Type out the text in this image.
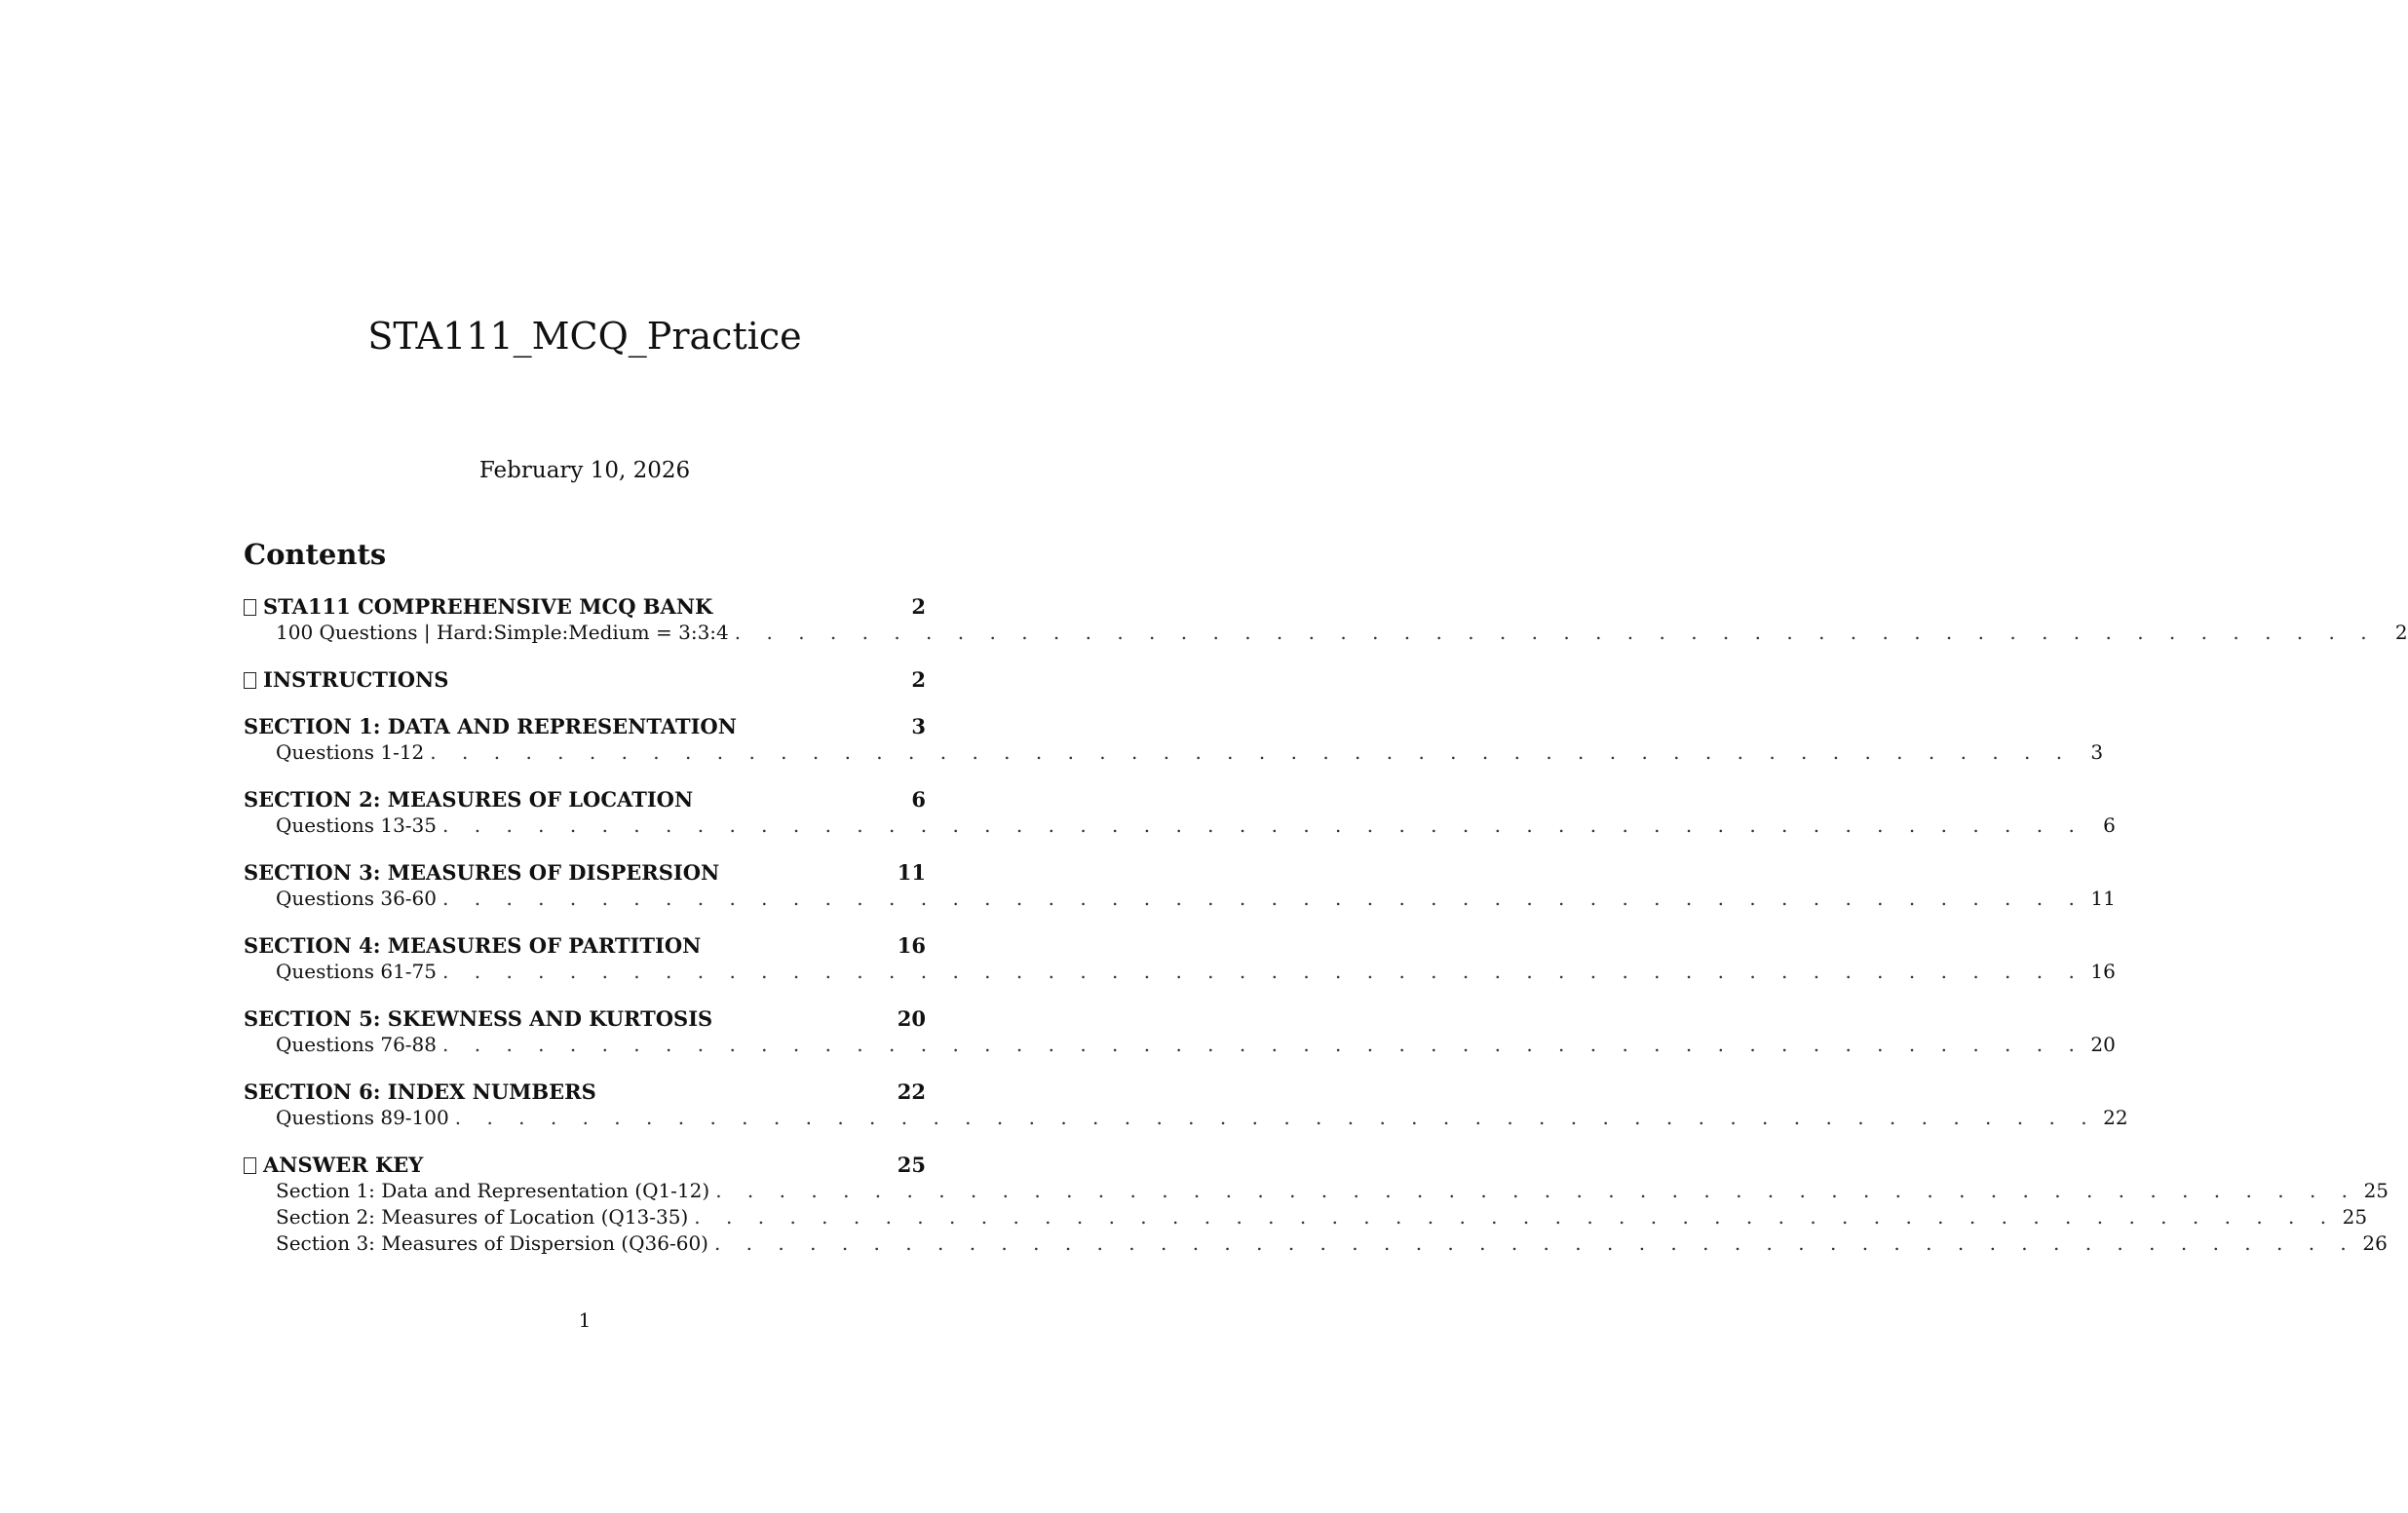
STA111_MCQ_Practice
February 10, 2026
Contents
STA111 COMPREHENSIVE MCQ BANK	2
100 Questions | Hard:Simple:Medium = 3:3:4 . . . . . . . . . . . . . . . . . . . . . . . . . . . . . . . . . . . . . . . . . . . . . . . . . . . . 2
INSTRUCTIONS	2
SECTION 1: DATA AND REPRESENTATION	3
Questions 1-12 . . . . . . . . . . . . . . . . . . . . . . . . . . . . . . . . . . . . . . . . . . . . . . . . . . . . 3
SECTION 2: MEASURES OF LOCATION	6
Questions 13-35 . . . . . . . . . . . . . . . . . . . . . . . . . . . . . . . . . . . . . . . . . . . . . . . . . . . . 6
SECTION 3: MEASURES OF DISPERSION	11
Questions 36-60 . . . . . . . . . . . . . . . . . . . . . . . . . . . . . . . . . . . . . . . . . . . . . . . . . . . . 11
SECTION 4: MEASURES OF PARTITION	16
Questions 61-75 . . . . . . . . . . . . . . . . . . . . . . . . . . . . . . . . . . . . . . . . . . . . . . . . . . . . 16
SECTION 5: SKEWNESS AND KURTOSIS	20
Questions 76-88 . . . . . . . . . . . . . . . . . . . . . . . . . . . . . . . . . . . . . . . . . . . . . . . . . . . . 20
SECTION 6: INDEX NUMBERS	22
Questions 89-100 . . . . . . . . . . . . . . . . . . . . . . . . . . . . . . . . . . . . . . . . . . . . . . . . . . . . 22
ANSWER KEY	25
Section 1: Data and Representation (Q1-12) . . . . . . . . . . . . . . . . . . . . . . . . . . . . . . . . . . . . . . . . . . . . . . . . . . . . 25
Section 2: Measures of Location (Q13-35) . . . . . . . . . . . . . . . . . . . . . . . . . . . . . . . . . . . . . . . . . . . . . . . . . . . . 25
Section 3: Measures of Dispersion (Q36-60) . . . . . . . . . . . . . . . . . . . . . . . . . . . . . . . . . . . . . . . . . . . . . . . . . . . . 26
1
